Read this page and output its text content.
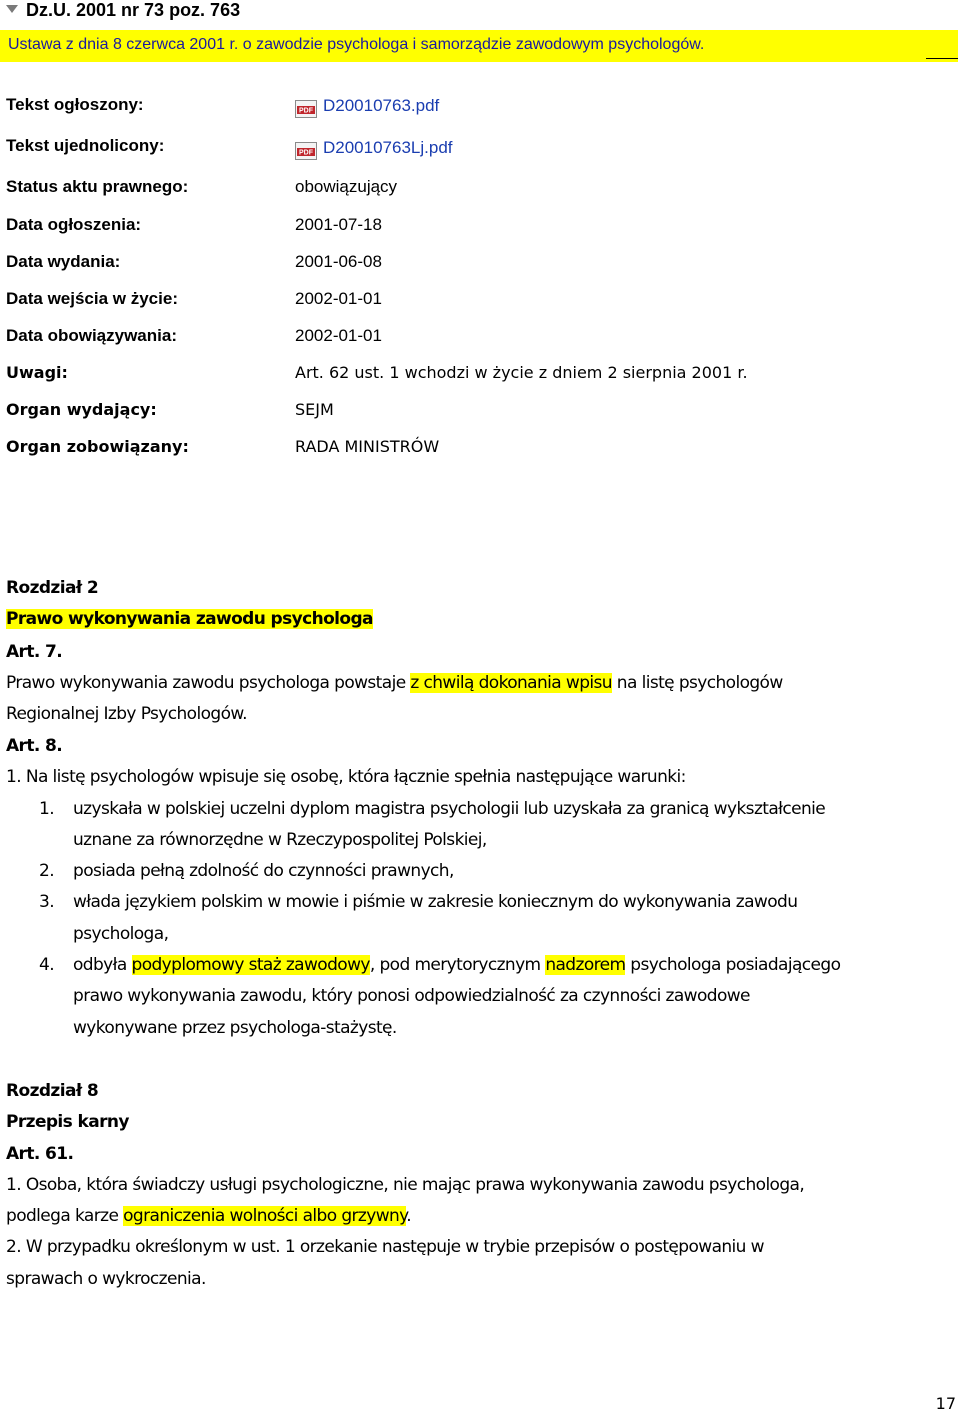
Dz.U. 2001 nr 73 poz. 763
Ustawa z dnia 8 czerwca 2001 r. o zawodzie psychologa i samorządzie zawodowym psychologów.
Tekst ogłoszony:	PDF D20010763.pdf
Tekst ujednolicony:	PDF D20010763Lj.pdf
Status aktu prawnego:	obowiązujący
Data ogłoszenia:	2001-07-18
Data wydania:	2001-06-08
Data wejścia w życie:	2002-01-01
Data obowiązywania:	2002-01-01
Uwagi:	Art. 62 ust. 1 wchodzi w życie z dniem 2 sierpnia 2001 r.
Organ wydający:	SEJM
Organ zobowiązany:	RADA MINISTRÓW
Rozdział 2
Prawo wykonywania zawodu psychologa
Art. 7.
Prawo wykonywania zawodu psychologa powstaje z chwilą dokonania wpisu na listę psychologów
Regionalnej Izby Psychologów.
Art. 8.
1. Na listę psychologów wpisuje się osobę, która łącznie spełnia następujące warunki:
1. uzyskała w polskiej uczelni dyplom magistra psychologii lub uzyskała za granicą wykształcenie
uznane za równorzędne w Rzeczypospolitej Polskiej,
2. posiada pełną zdolność do czynności prawnych,
3. włada językiem polskim w mowie i piśmie w zakresie koniecznym do wykonywania zawodu
psychologa,
4. odbyła podyplomowy staż zawodowy, pod merytorycznym nadzorem psychologa posiadającego
prawo wykonywania zawodu, który ponosi odpowiedzialność za czynności zawodowe
wykonywane przez psychologa-stażystę.
Rozdział 8
Przepis karny
Art. 61.
1. Osoba, która świadczy usługi psychologiczne, nie mając prawa wykonywania zawodu psychologa,
podlega karze ograniczenia wolności albo grzywny.
2. W przypadku określonym w ust. 1 orzekanie następuje w trybie przepisów o postępowaniu w
sprawach o wykroczenia.
17
